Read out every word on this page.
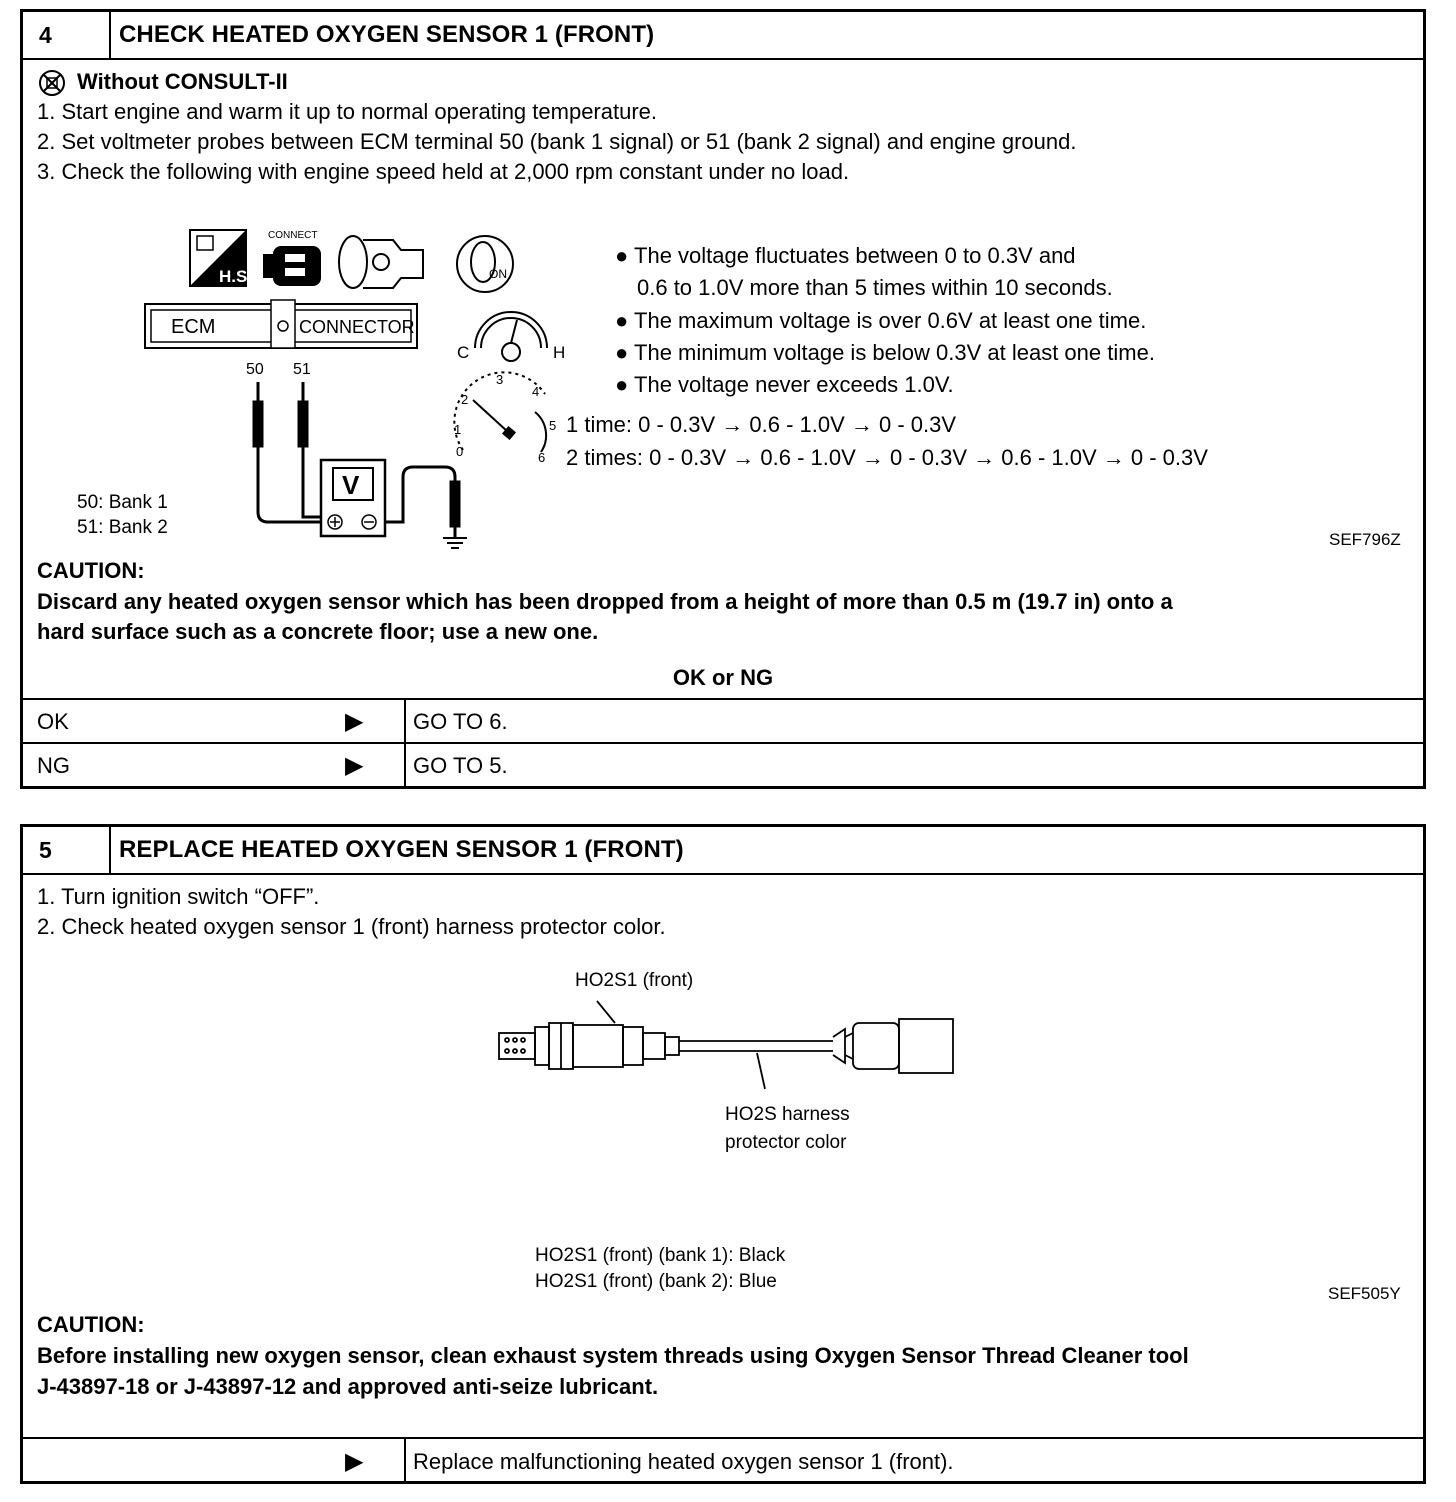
4	CHECK HEATED OXYGEN SENSOR 1 (FRONT)
Without CONSULT-II
1. Start engine and warm it up to normal operating temperature.
2. Set voltmeter probes between ECM terminal 50 (bank 1 signal) or 51 (bank 2 signal) and engine ground.
3. Check the following with engine speed held at 2,000 rpm constant under no load.
H.S.
CONNECT
ON
ECM	CONNECTOR
50 51
V
C	H
0
1
2
3
4
5
6
50: Bank 1
51: Bank 2
● The voltage fluctuates between 0 to 0.3V and
0.6 to 1.0V more than 5 times within 10 seconds.
● The maximum voltage is over 0.6V at least one time.
● The minimum voltage is below 0.3V at least one time.
● The voltage never exceeds 1.0V.
1 time: 0 - 0.3V → 0.6 - 1.0V → 0 - 0.3V
2 times: 0 - 0.3V → 0.6 - 1.0V → 0 - 0.3V → 0.6 - 1.0V → 0 - 0.3V
SEF796Z
CAUTION:
Discard any heated oxygen sensor which has been dropped from a height of more than 0.5 m (19.7 in) onto a
hard surface such as a concrete floor; use a new one.
OK or NG
OK	▶ GO TO 6.
NG	▶ GO TO 5.
5	REPLACE HEATED OXYGEN SENSOR 1 (FRONT)
1. Turn ignition switch “OFF”.
2. Check heated oxygen sensor 1 (front) harness protector color.
HO2S1 (front)
HO2S harness
protector color
HO2S1 (front) (bank 1): Black
HO2S1 (front) (bank 2): Blue
SEF505Y
CAUTION:
Before installing new oxygen sensor, clean exhaust system threads using Oxygen Sensor Thread Cleaner tool
J-43897-18 or J-43897-12 and approved anti-seize lubricant.
▶ Replace malfunctioning heated oxygen sensor 1 (front).
